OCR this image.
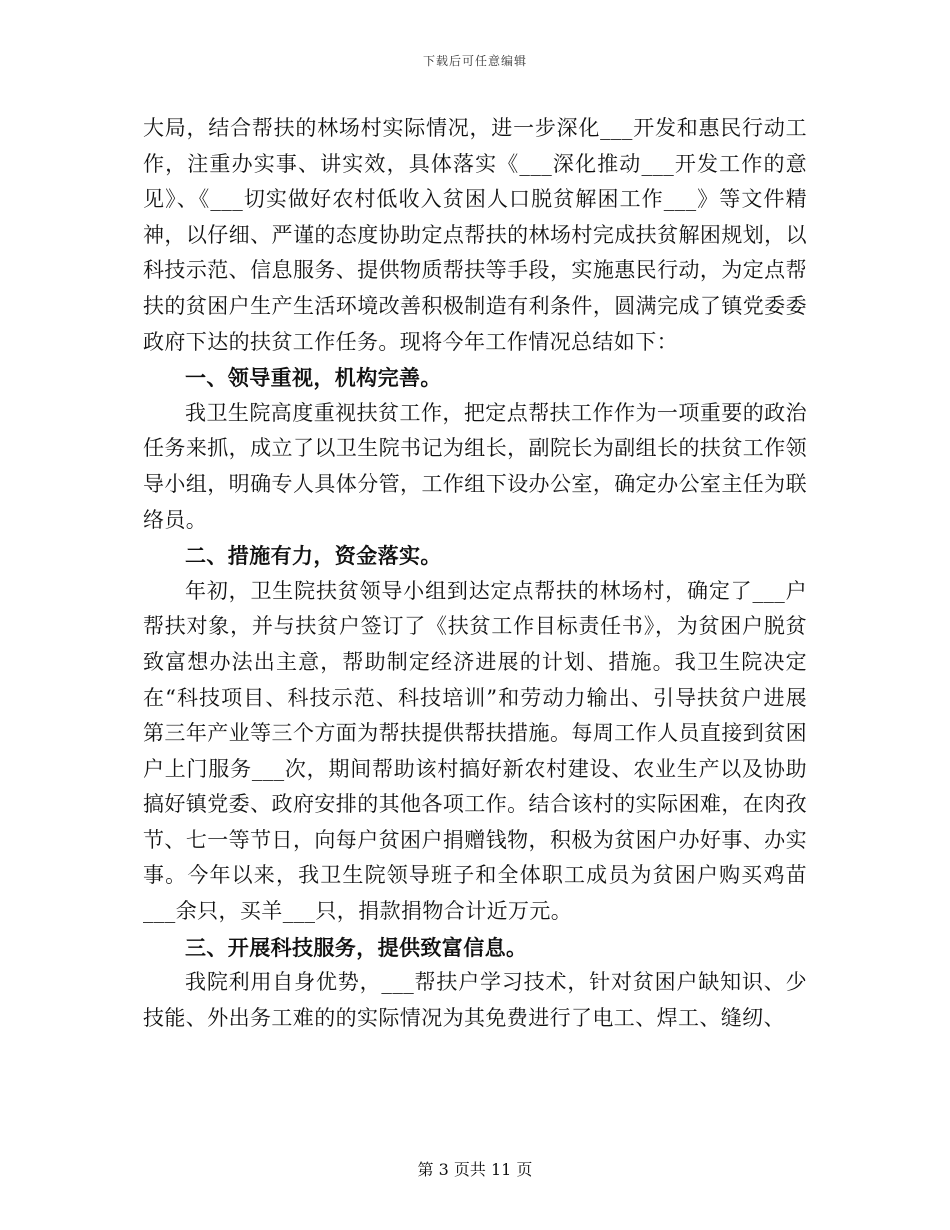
下载后可任意编辑

大局，结合帮扶的林场村实际情况，进一步深化___开发和惠民行动工作，注重办实事、讲实效，具体落实《___深化推动___开发工作的意见》、《___切实做好农村低收入贫困人口脱贫解困工作___》等文件精神，以仔细、严谨的态度协助定点帮扶的林场村完成扶贫解困规划，以科技示范、信息服务、提供物质帮扶等手段，实施惠民行动，为定点帮扶的贫困户生产生活环境改善积极制造有利条件，圆满完成了镇党委委政府下达的扶贫工作任务。现将今年工作情况总结如下：

一、领导重视，机构完善。

我卫生院高度重视扶贫工作，把定点帮扶工作作为一项重要的政治任务来抓，成立了以卫生院书记为组长，副院长为副组长的扶贫工作领导小组，明确专人具体分管，工作组下设办公室，确定办公室主任为联络员。

二、措施有力，资金落实。

年初，卫生院扶贫领导小组到达定点帮扶的林场村，确定了___户帮扶对象，并与扶贫户签订了《扶贫工作目标责任书》，为贫困户脱贫致富想办法出主意，帮助制定经济进展的计划、措施。我卫生院决定在“科技项目、科技示范、科技培训”和劳动力输出、引导扶贫户进展第三年产业等三个方面为帮扶提供帮扶措施。每周工作人员直接到贫困户上门服务___次，期间帮助该村搞好新农村建设、农业生产以及协助搞好镇党委、政府安排的其他各项工作。结合该村的实际困难，在肉孜节、七一等节日，向每户贫困户捐赠钱物，积极为贫困户办好事、办实事。今年以来，我卫生院领导班子和全体职工成员为贫困户购买鸡苗___余只，买羊___只，捐款捐物合计近万元。

三、开展科技服务，提供致富信息。

我院利用自身优势，___帮扶户学习技术，针对贫困户缺知识、少技能、外出务工难的的实际情况为其免费进行了电工、焊工、缝纫、

第 3 页共 11 页
